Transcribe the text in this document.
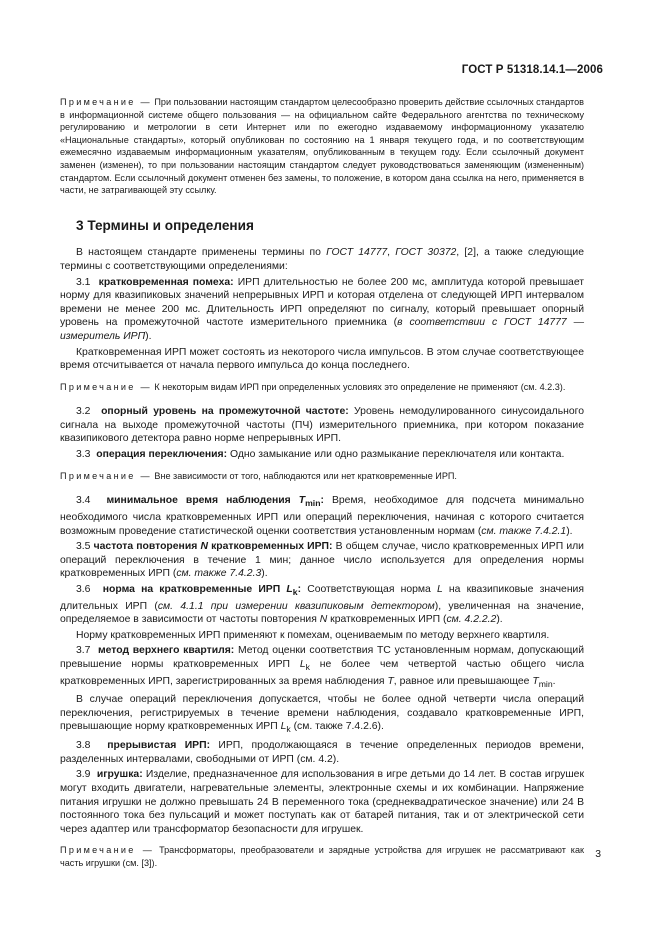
ГОСТ Р 51318.14.1—2006

Примечание — При пользовании настоящим стандартом целесообразно проверить действие ссылочных стандартов в информационной системе общего пользования — на официальном сайте Федерального агентства по техническому регулированию и метрологии в сети Интернет или по ежегодно издаваемому информационному указателю «Национальные стандарты», который опубликован по состоянию на 1 января текущего года, и по соответствующим ежемесячно издаваемым информационным указателям, опубликованным в текущем году. Если ссылочный документ заменен (изменен), то при пользовании настоящим стандартом следует руководствоваться заменяющим (измененным) стандартом. Если ссылочный документ отменен без замены, то положение, в котором дана ссылка на него, применяется в части, не затрагивающей эту ссылку.

3 Термины и определения

В настоящем стандарте применены термины по ГОСТ 14777, ГОСТ 30372, [2], а также следующие термины с соответствующими определениями:

3.1 кратковременная помеха: ИРП длительностью не более 200 мс, амплитуда которой превышает норму для квазипиковых значений непрерывных ИРП и которая отделена от следующей ИРП интервалом времени не менее 200 мс. Длительность ИРП определяют по сигналу, который превышает опорный уровень на промежуточной частоте измерительного приемника (в соответствии с ГОСТ 14777 — измеритель ИРП).

Кратковременная ИРП может состоять из некоторого числа импульсов. В этом случае соответствующее время отсчитывается от начала первого импульса до конца последнего.

Примечание — К некоторым видам ИРП при определенных условиях это определение не применяют (см. 4.2.3).

3.2 опорный уровень на промежуточной частоте: Уровень немодулированного синусоидального сигнала на выходе промежуточной частоты (ПЧ) измерительного приемника, при котором показание квазипикового детектора равно норме непрерывных ИРП.

3.3 операция переключения: Одно замыкание или одно размыкание переключателя или контакта.

Примечание — Вне зависимости от того, наблюдаются или нет кратковременные ИРП.

3.4 минимальное время наблюдения $T_{min}$: Время, необходимое для подсчета минимально необходимого числа кратковременных ИРП или операций переключения, начиная с которого считается возможным проведение статистической оценки соответствия установленным нормам (см. также 7.4.2.1).

3.5 частота повторения N кратковременных ИРП: В общем случае, число кратковременных ИРП или операций переключения в течение 1 мин; данное число используется для определения нормы кратковременных ИРП (см. также 7.4.2.3).

3.6 норма на кратковременные ИРП $L_k$: Соответствующая норма L на квазипиковые значения длительных ИРП (см. 4.1.1 при измерении квазипиковым детектором), увеличенная на значение, определяемое в зависимости от частоты повторения N кратковременных ИРП (см. 4.2.2.2).

Норму кратковременных ИРП применяют к помехам, оцениваемым по методу верхнего квартиля.

3.7 метод верхнего квартиля: Метод оценки соответствия ТС установленным нормам, допускающий превышение нормы кратковременных ИРП $L_k$ не более чем четвертой частью общего числа кратковременных ИРП, зарегистрированных за время наблюдения T, равное или превышающее $T_{min}$.

В случае операций переключения допускается, чтобы не более одной четверти числа операций переключения, регистрируемых в течение времени наблюдения, создавало кратковременные ИРП, превышающие норму кратковременных ИРП $L_k$ (см. также 7.4.2.6).

3.8 прерывистая ИРП: ИРП, продолжающаяся в течение определенных периодов времени, разделенных интервалами, свободными от ИРП (см. 4.2).

3.9 игрушка: Изделие, предназначенное для использования в игре детьми до 14 лет. В состав игрушек могут входить двигатели, нагревательные элементы, электронные схемы и их комбинации. Напряжение питания игрушки не должно превышать 24 В переменного тока (среднеквадратическое значение) или 24 В постоянного тока без пульсаций и может поступать как от батарей питания, так и от электрической сети через адаптер или трансформатор безопасности для игрушек.

Примечание — Трансформаторы, преобразователи и зарядные устройства для игрушек не рассматривают как часть игрушки (см. [3]).

3
